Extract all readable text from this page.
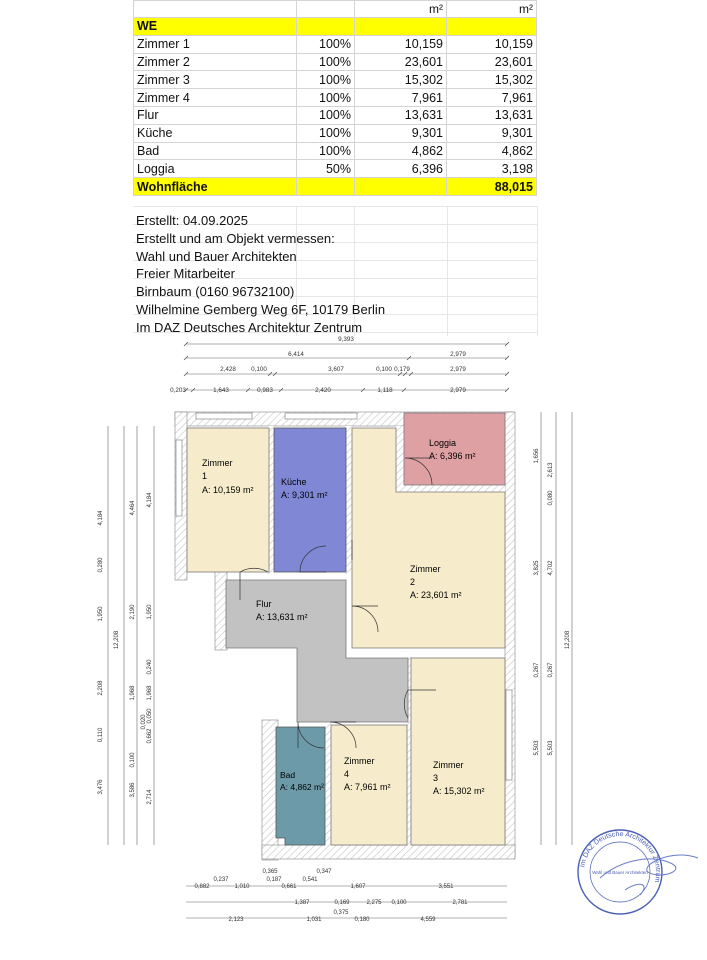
		m²	m²
WE			
Zimmer 1	100%	10,159	10,159
Zimmer 2	100%	23,601	23,601
Zimmer 3	100%	15,302	15,302
Zimmer 4	100%	7,961	7,961
Flur	100%	13,631	13,631
Küche	100%	9,301	9,301
Bad	100%	4,862	4,862
Loggia	50%	6,396	3,198
Wohnfläche			88,015
Erstellt: 04.09.2025
Erstellt und am Objekt vermessen:
Wahl und Bauer Architekten
Freier Mitarbeiter
Birnbaum (0160 96732100)
Wilhelmine Gemberg Weg 6F, 10179 Berlin
Im DAZ Deutsches Architektur Zentrum
9,393
6,414	2,979
2,428 0,100	3,607	0,100 0,179	2,979
0,203	1,643	0,983	2,420	1,118	2,979
Zimmer
1
A: 10,159 m²
Küche
A: 9,301 m²
Loggia
A: 6,396 m²
Zimmer
2
A: 23,601 m²
Flur
A: 13,631 m²
Bad
A: 4,862 m²
Zimmer
4
A: 7,961 m²
Zimmer
3
A: 15,302 m²
4,184
0,280
1,950
2,208
0,110
3,476
12,208
4,464
2,190
1,968
0,100
3,586
4,184
1,950
0,240
1,968
0,050
0,662
0,020
2,714
1,656
3,825
0,267
5,503
2,613
0,080
4,702
0,267
5,503
12,208
0,365	0,347
0,237	0,187	0,541
0,882	1,010	0,661	1,607	3,551
1,387	0,169	2,275 0,100	2,781
0,375
2,123	1,031	0,180	4,559
Im DAZ Deutsche Architektur Zentrum
Wahl und Bauer Architekten
